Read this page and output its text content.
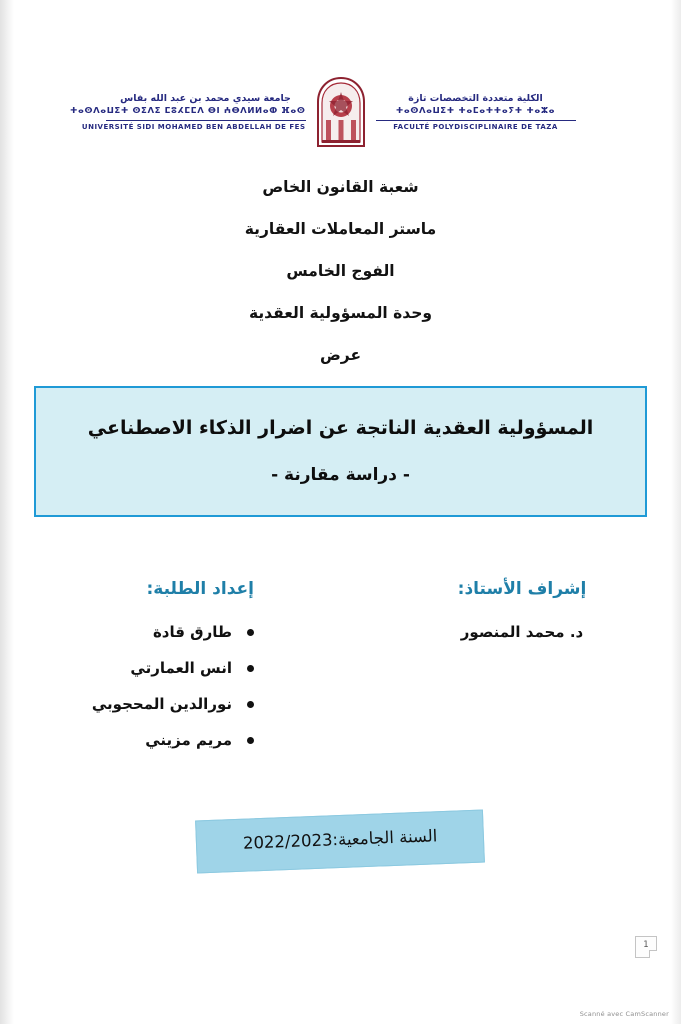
الكلية متعددة التخصصات تازة
ⵜⴰⵙⴷⴰⵡⵉⵜ ⵜⴰⵎⴰⵜⵜⴰⵢⵜ ⵜⴰⵣⴰ
FACULTÉ POLYDISCIPLINAIRE DE TAZA
جامعة سيدي محمد بن عبد الله بفاس
ⵜⴰⵙⴷⴰⵡⵉⵜ ⵙⵉⴷⵉ ⵎⵓⵃⵎⵎⴷ ⴱⵏ ⵄⴱⴷⵍⵍⴰⵀ ⴼⴰⵙ
UNIVERSITÉ SIDI MOHAMED BEN ABDELLAH DE FES
شعبة القانون الخاص
ماستر المعاملات العقارية
الفوج الخامس
وحدة المسؤولية العقدية
عرض
المسؤولية العقدية الناتجة عن اضرار الذكاء الاصطناعي
- دراسة مقارنة -
إشراف الأستاذ:
د. محمد المنصور
إعداد الطلبة:
طارق قادة
انس العمارتي
نورالدين المحجوبي
مريم مزيني
السنة الجامعية:2022/2023
1
Scanné avec CamScanner
